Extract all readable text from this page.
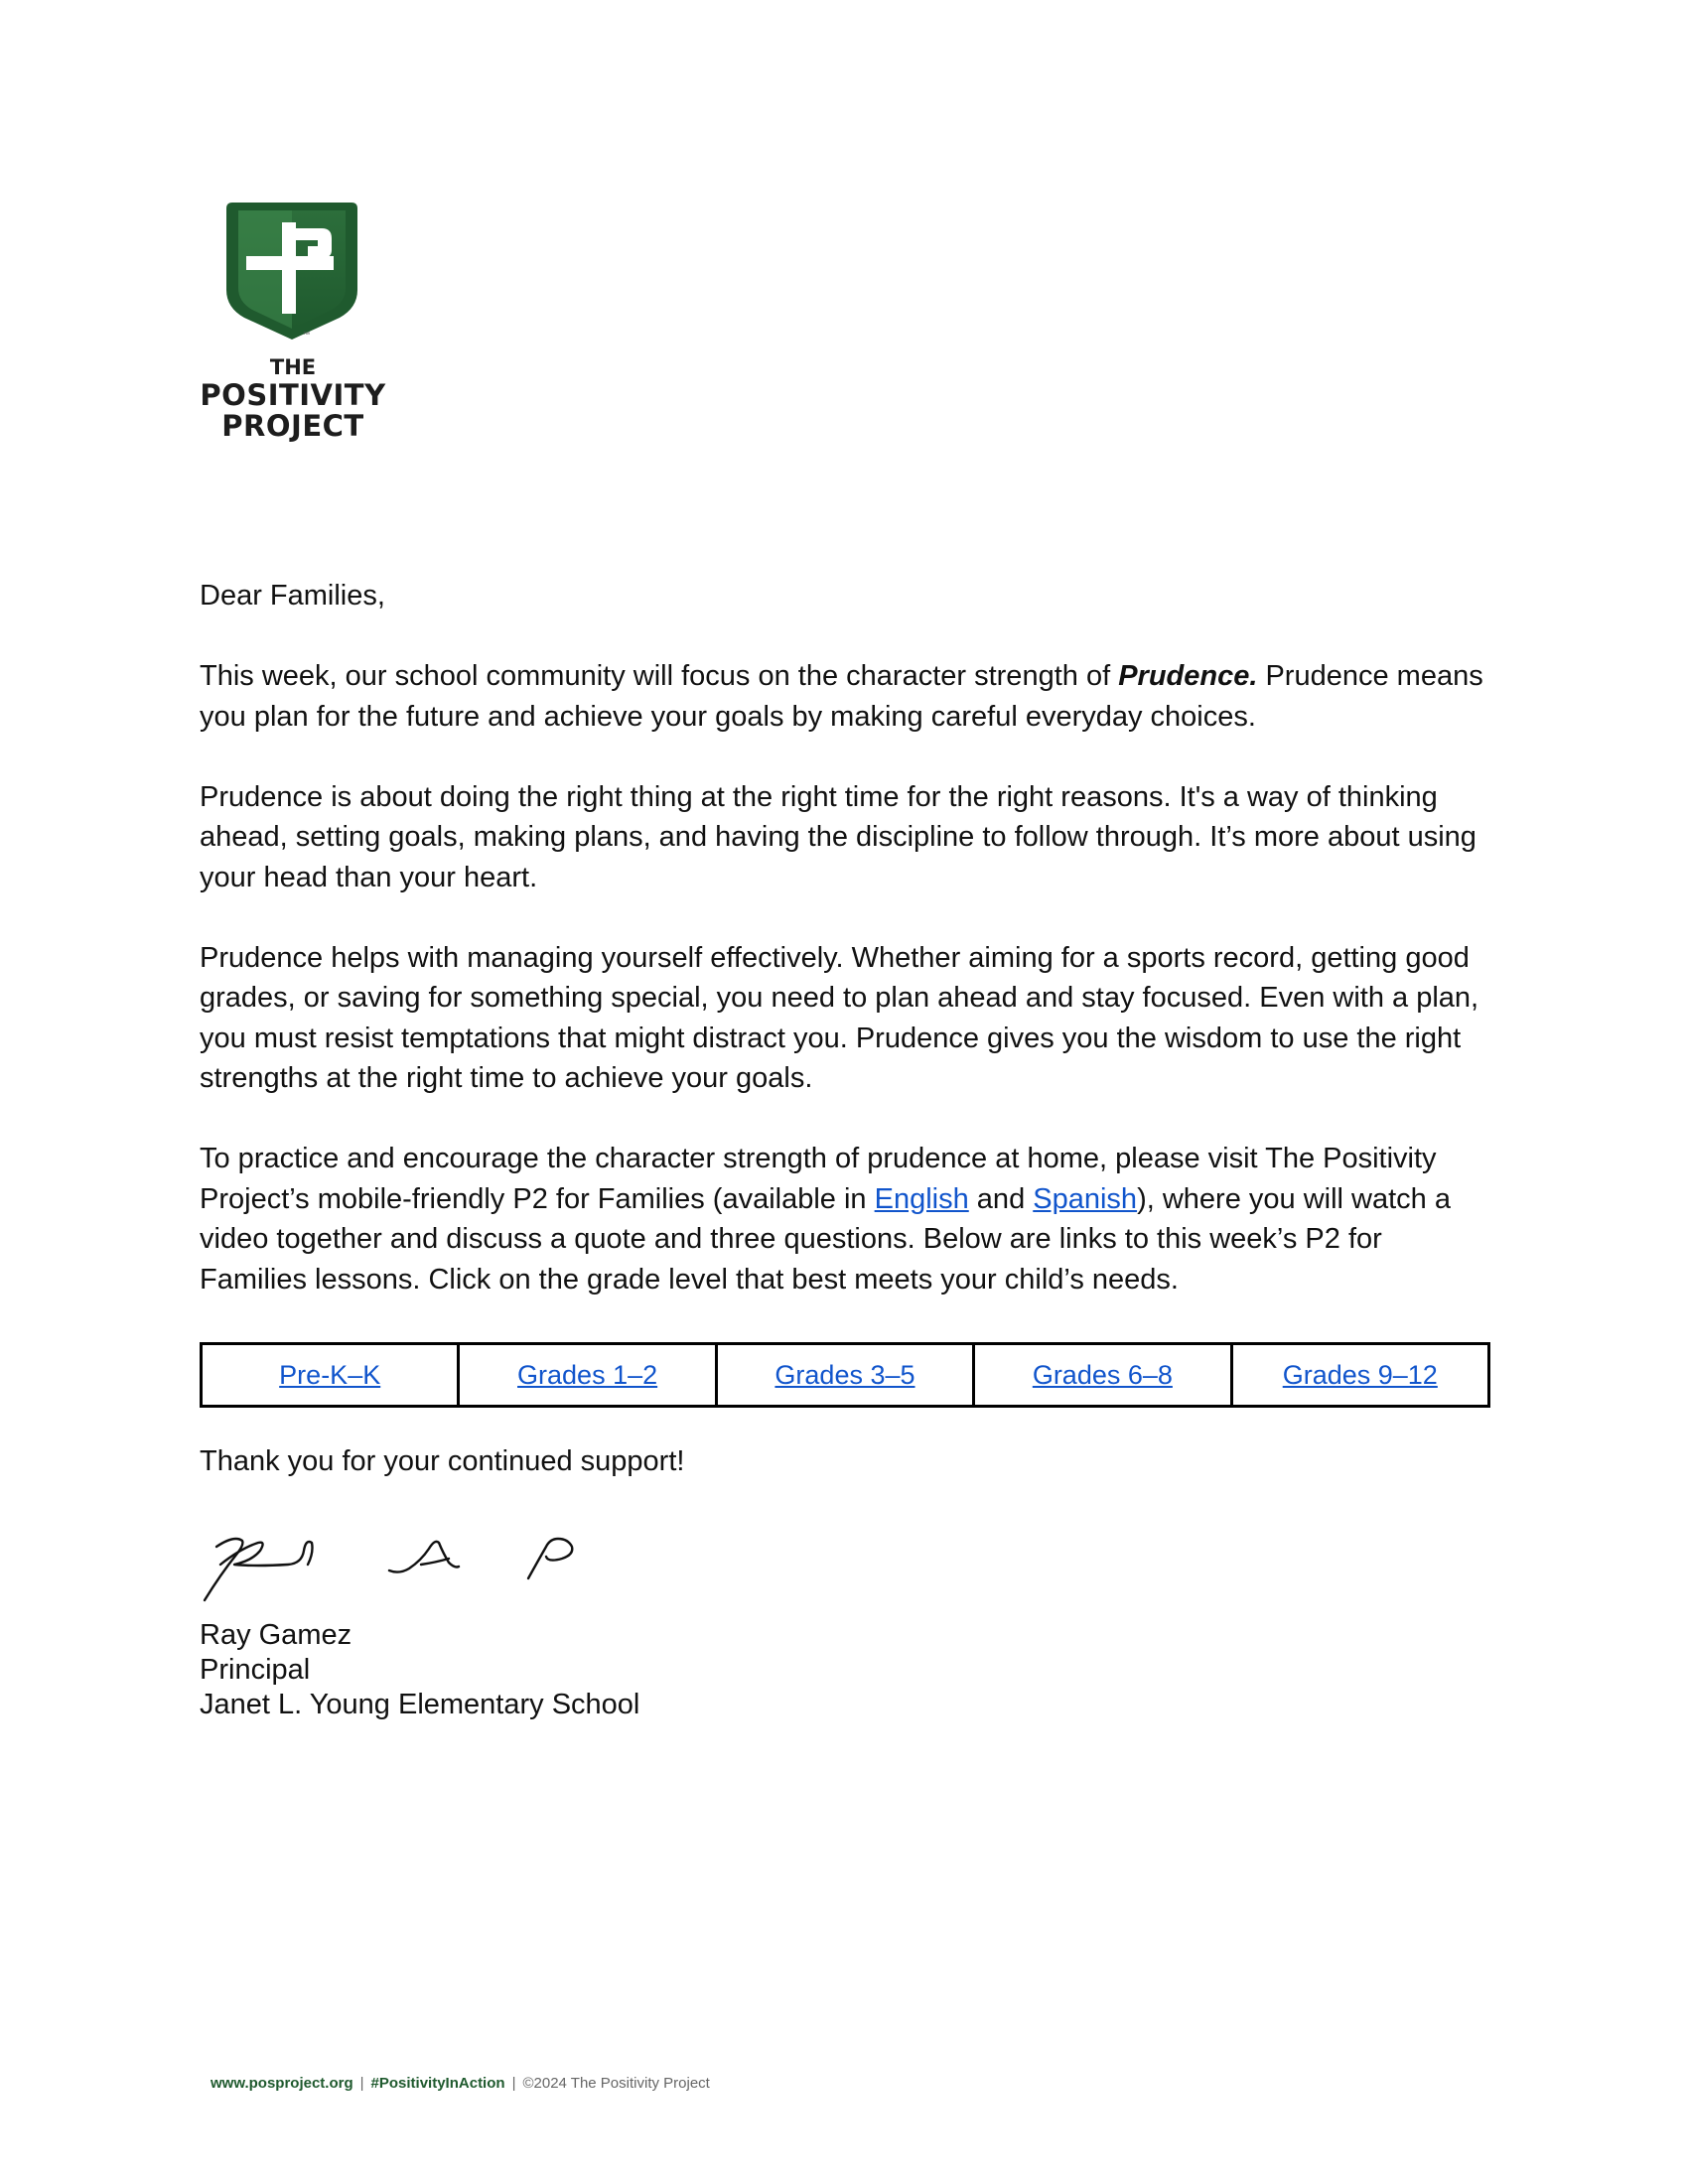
™
THE
POSITIVITY
PROJECT

Dear Families,

This week, our school community will focus on the character strength of Prudence. Prudence means you plan for the future and achieve your goals by making careful everyday choices.

Prudence is about doing the right thing at the right time for the right reasons. It's a way of thinking ahead, setting goals, making plans, and having the discipline to follow through. It’s more about using your head than your heart.

Prudence helps with managing yourself effectively. Whether aiming for a sports record, getting good grades, or saving for something special, you need to plan ahead and stay focused. Even with a plan, you must resist temptations that might distract you. Prudence gives you the wisdom to use the right strengths at the right time to achieve your goals.

To practice and encourage the character strength of prudence at home, please visit The Positivity Project’s mobile-friendly P2 for Families (available in English and Spanish), where you will watch a video together and discuss a quote and three questions. Below are links to this week’s P2 for Families lessons. Click on the grade level that best meets your child’s needs.

Pre-K–K	Grades 1–2	Grades 3–5	Grades 6–8	Grades 9–12
Thank you for your continued support!
Ray Gamez
Principal
Janet L. Young Elementary School
www.posproject.org | #PositivityInAction | ©2024 The Positivity Project
